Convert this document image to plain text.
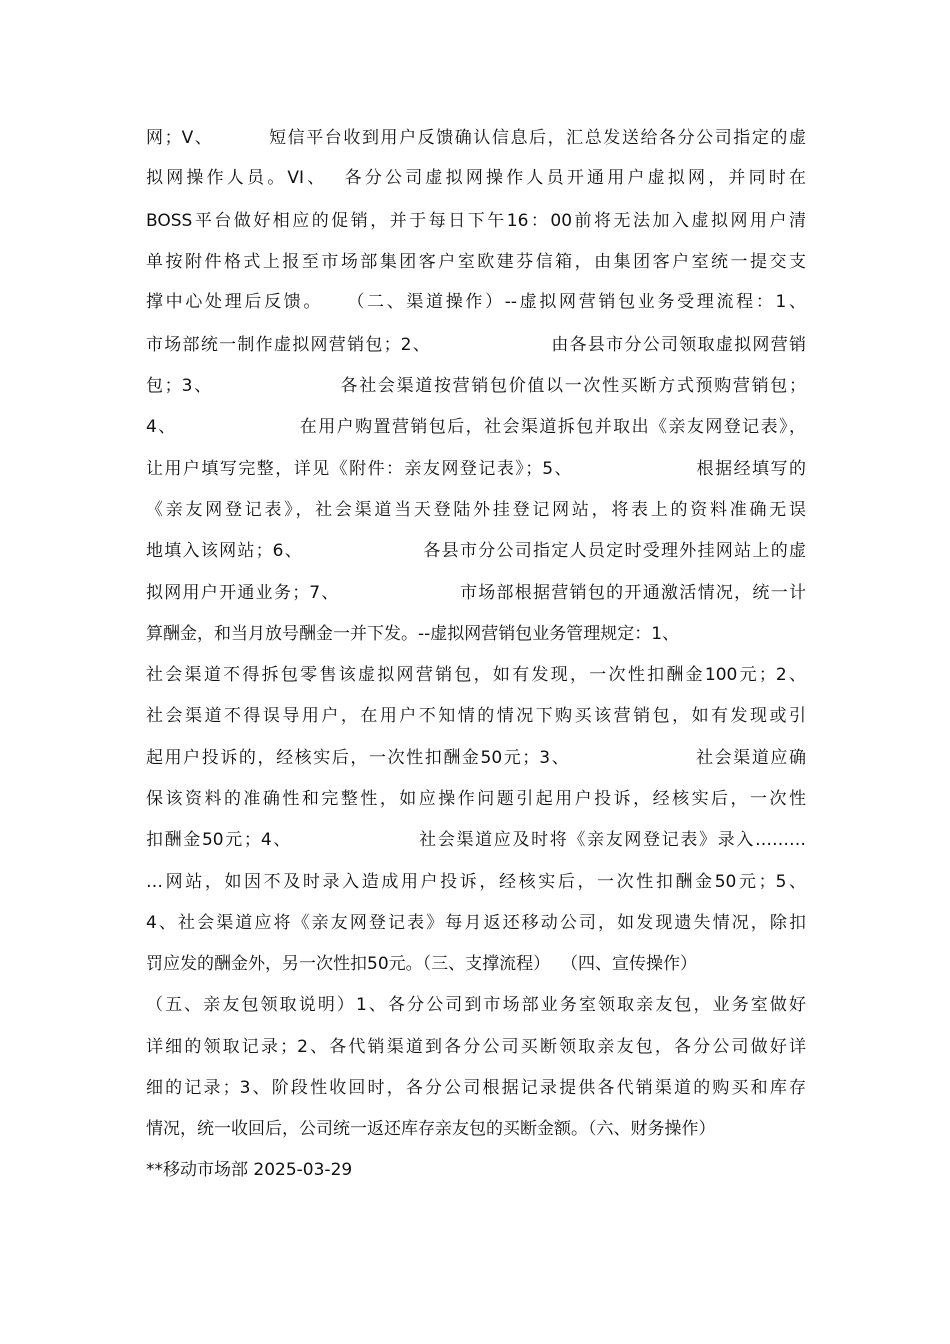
网；V、        短信平台收到用户反馈确认信息后，汇总发送给各分公司指定的虚
拟网操作人员。VI、  各分公司虚拟网操作人员开通用户虚拟网，并同时在
BOSS平台做好相应的促销，并于每日下午16：00前将无法加入虚拟网用户清
单按附件格式上报至市场部集团客户室欧建芬信箱，由集团客户室统一提交支
撑中心处理后反馈。   （二、渠道操作）--虚拟网营销包业务受理流程：1、
市场部统一制作虚拟网营销包；2、                  由各县市分公司领取虚拟网营销
包；3、                  各社会渠道按营销包价值以一次性买断方式预购营销包；
4、                  在用户购置营销包后，社会渠道拆包并取出《亲友网登记表》，
让用户填写完整，详见《附件：亲友网登记表》；5、                  根据经填写的
《亲友网登记表》，社会渠道当天登陆外挂登记网站，将表上的资料准确无误
地填入该网站；6、                  各县市分公司指定人员定时受理外挂网站上的虚
拟网用户开通业务；7、                  市场部根据营销包的开通激活情况，统一计
算酬金，和当月放号酬金一并下发。--虚拟网营销包业务管理规定：1、
社会渠道不得拆包零售该虚拟网营销包，如有发现，一次性扣酬金100元；2、
社会渠道不得误导用户，在用户不知情的情况下购买该营销包，如有发现或引
起用户投诉的，经核实后，一次性扣酬金50元；3、                  社会渠道应确
保该资料的准确性和完整性，如应操作问题引起用户投诉，经核实后，一次性
扣酬金50元；4、                  社会渠道应及时将《亲友网登记表》录入………
…网站，如因不及时录入造成用户投诉，经核实后，一次性扣酬金50元；5、
4、社会渠道应将《亲友网登记表》每月返还移动公司，如发现遗失情况，除扣
罚应发的酬金外，另一次性扣50元。（三、支撑流程）  （四、宣传操作）
（五、亲友包领取说明）1、各分公司到市场部业务室领取亲友包，业务室做好
详细的领取记录；2、各代销渠道到各分公司买断领取亲友包，各分公司做好详
细的记录；3、阶段性收回时，各分公司根据记录提供各代销渠道的购买和库存
情况，统一收回后，公司统一返还库存亲友包的买断金额。（六、财务操作）
**移动市场部 2025-03-29
